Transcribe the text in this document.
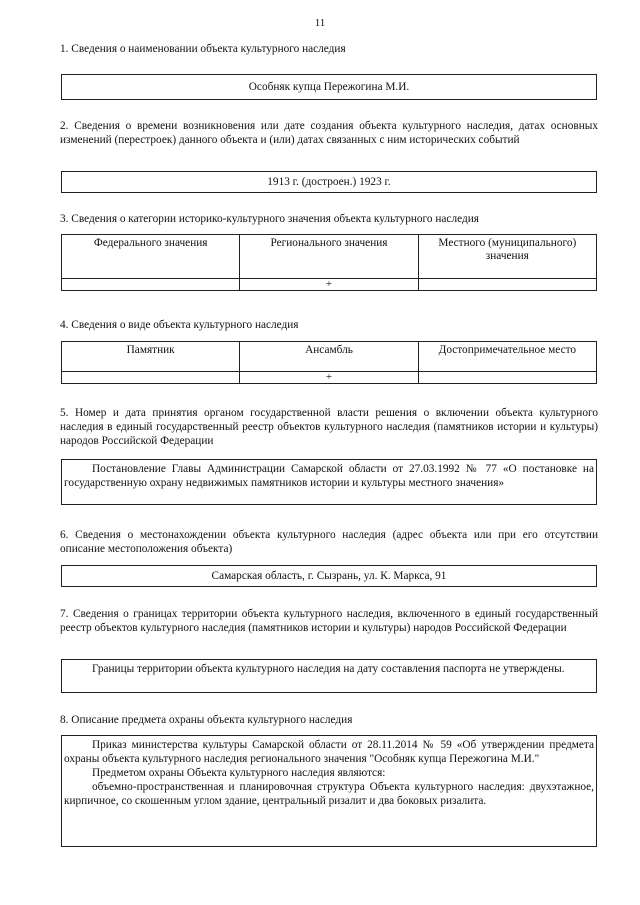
11
1. Сведения о наименовании объекта культурного наследия
Особняк купца Пережогина М.И.
2. Сведения о времени возникновения или дате создания объекта культурного наследия, датах основных изменений (перестроек) данного объекта и (или) датах связанных с ним исторических событий
1913 г. (достроен.) 1923 г.
3. Сведения о категории историко-культурного значения объекта культурного наследия
Федерального значения	Регионального значения	Местного (муниципального) значения
	+	
4. Сведения о виде объекта культурного наследия
Памятник	Ансамбль	Достопримечательное место
	+	
5. Номер и дата принятия органом государственной власти решения о включении объекта культурного наследия в единый государственный реестр объектов культурного наследия (памятников истории и культуры) народов Российской Федерации
Постановление Главы Администрации Самарской области от 27.03.1992 № 77 «О постановке на государственную охрану недвижимых памятников истории и культуры местного значения»
6. Сведения о местонахождении объекта культурного наследия (адрес объекта или при его отсутствии описание местоположения объекта)
Самарская область, г. Сызрань, ул. К. Маркса, 91
7. Сведения о границах территории объекта культурного наследия, включенного в единый государственный реестр объектов культурного наследия (памятников истории и культуры) народов Российской Федерации
Границы территории объекта культурного наследия на дату составления паспорта не утверждены.
8. Описание предмета охраны объекта культурного наследия
Приказ министерства культуры Самарской области от 28.11.2014 № 59 «Об утверждении предмета охраны объекта культурного наследия регионального значения "Особняк купца Пережогина М.И."
Предметом охраны Объекта культурного наследия являются:
объемно-пространственная и планировочная структура Объекта культурного наследия: двухэтажное, кирпичное, со скошенным углом здание, центральный ризалит и два боковых ризалита.
